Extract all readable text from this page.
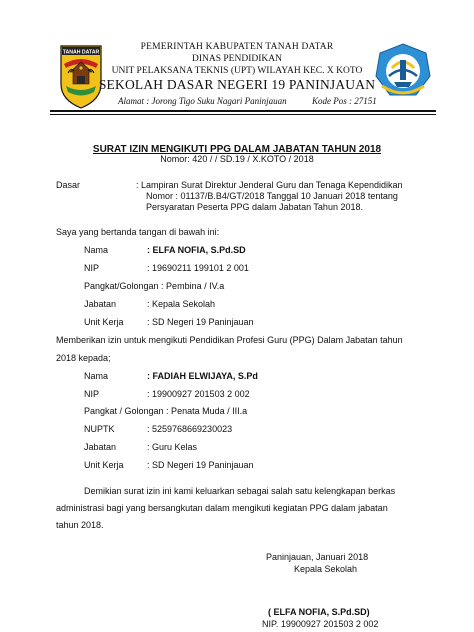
TANAH DATAR
PEMERINTAH KABUPATEN TANAH DATAR
DINAS PENDIDIKAN
UNIT PELAKSANA TEKNIS (UPT) WILAYAH KEC. X KOTO
SEKOLAH DASAR NEGERI 19 PANINJAUAN
Alamat : Jorong Tigo Suku Nagari Paninjauan	Kode Pos : 27151
SURAT IZIN MENGIKUTI PPG DALAM JABATAN TAHUN 2018
Nomor: 420 / / SD.19 / X.KOTO / 2018
Dasar	: Lampiran Surat Direktur Jenderal Guru dan Tenaga Kependidikan
Nomor : 01137/B.B4/GT/2018 Tanggal 10 Januari 2018 tentang
Persyaratan Peserta PPG dalam Jabatan Tahun 2018.
Saya yang bertanda tangan di bawah ini:
Nama	: ELFA NOFIA, S.Pd.SD
NIP	: 19690211 199101 2 001
Pangkat/Golongan : Pembina / IV.a
Jabatan	: Kepala Sekolah
Unit Kerja	: SD Negeri 19 Paninjauan
Memberikan izin untuk mengikuti Pendidikan Profesi Guru (PPG) Dalam Jabatan tahun
2018 kepada;
Nama	: FADIAH ELWIJAYA, S.Pd
NIP	: 19900927 201503 2 002
Pangkat / Golongan : Penata Muda / III.a
NUPTK	: 5259768669230023
Jabatan	: Guru Kelas
Unit Kerja	: SD Negeri 19 Paninjauan
Demikian surat izin ini kami keluarkan sebagai salah satu kelengkapan berkas
administrasi bagi yang bersangkutan dalam mengikuti kegiatan PPG dalam jabatan
tahun 2018.
Paninjauan, Januari 2018
Kepala Sekolah
( ELFA NOFIA, S.Pd.SD)
NIP. 19900927 201503 2 002
